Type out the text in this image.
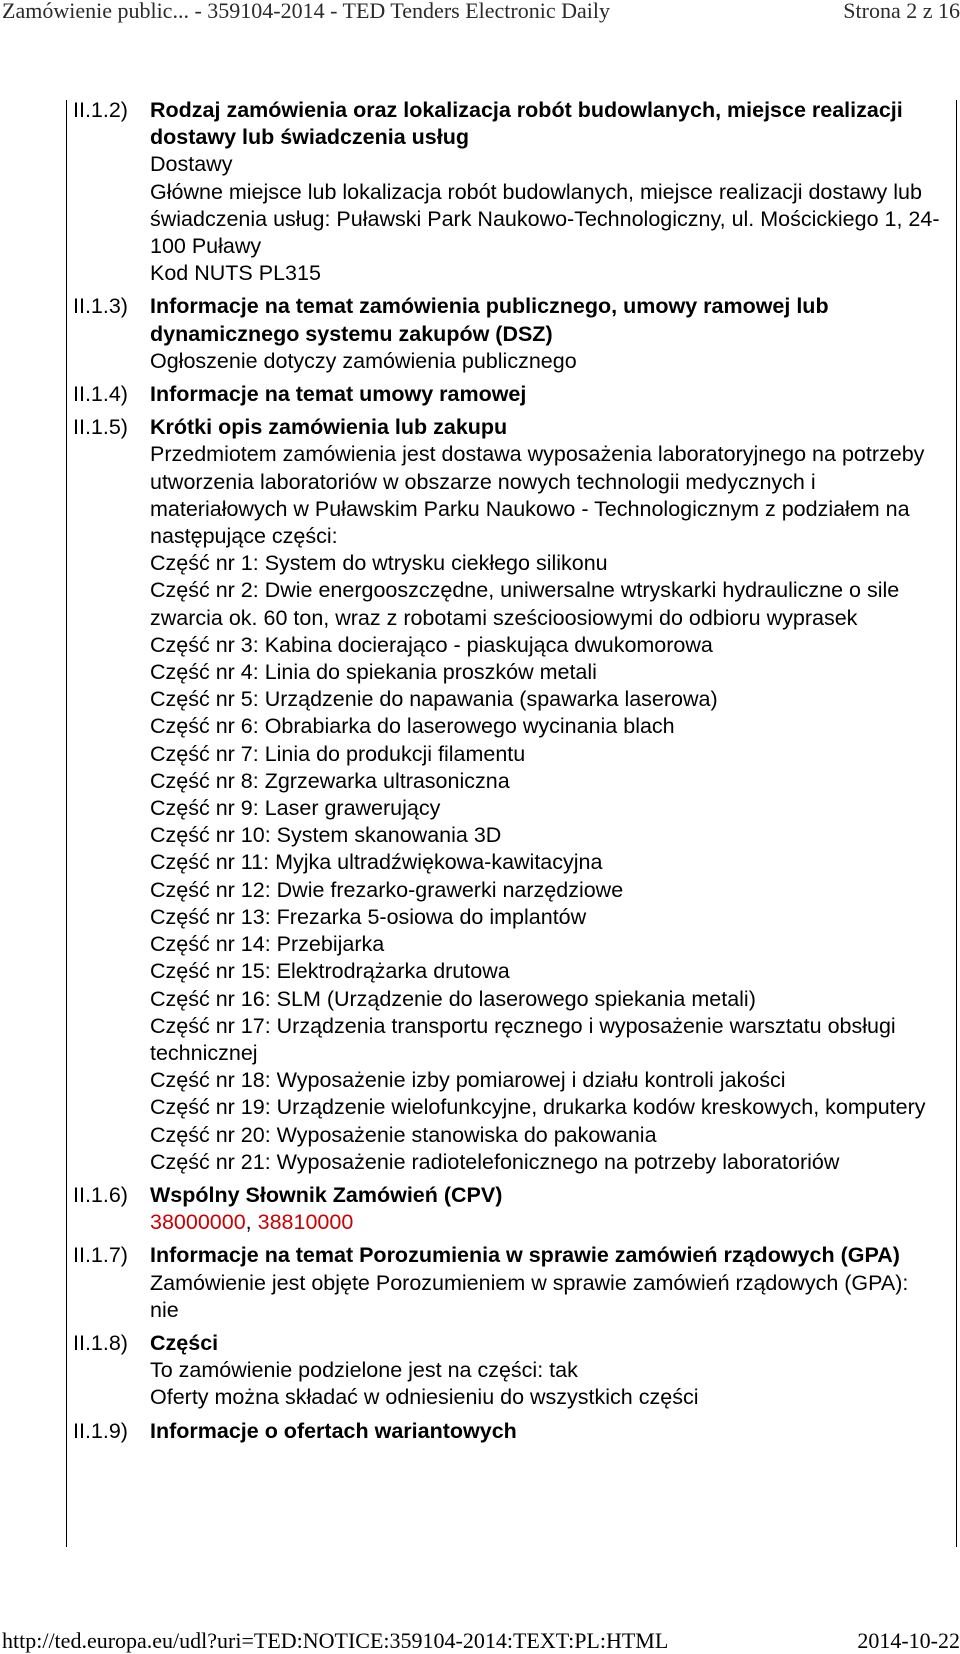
Zamówienie public... - 359104-2014 - TED Tenders Electronic Daily	Strona 2 z 16
II.1.2) Rodzaj zamówienia oraz lokalizacja robót budowlanych, miejsce realizacji dostawy lub świadczenia usług
Dostawy
Główne miejsce lub lokalizacja robót budowlanych, miejsce realizacji dostawy lub świadczenia usług: Puławski Park Naukowo-Technologiczny, ul. Mościckiego 1, 24-100 Puławy
Kod NUTS PL315
II.1.3) Informacje na temat zamówienia publicznego, umowy ramowej lub dynamicznego systemu zakupów (DSZ)
Ogłoszenie dotyczy zamówienia publicznego
II.1.4) Informacje na temat umowy ramowej
II.1.5) Krótki opis zamówienia lub zakupu
Przedmiotem zamówienia jest dostawa wyposażenia laboratoryjnego na potrzeby utworzenia laboratoriów w obszarze nowych technologii medycznych i materiałowych w Puławskim Parku Naukowo - Technologicznym z podziałem na następujące części:
Część nr 1: System do wtrysku ciekłego silikonu
Część nr 2: Dwie energooszczędne, uniwersalne wtryskarki hydrauliczne o sile zwarcia ok. 60 ton, wraz z robotami sześcioosiowymi do odbioru wyprasek
Część nr 3: Kabina docierająco - piaskująca dwukomorowa
Część nr 4: Linia do spiekania proszków metali
Część nr 5: Urządzenie do napawania (spawarka laserowa)
Część nr 6: Obrabiarka do laserowego wycinania blach
Część nr 7: Linia do produkcji filamentu
Część nr 8: Zgrzewarka ultrasoniczna
Część nr 9: Laser grawerujący
Część nr 10: System skanowania 3D
Część nr 11: Myjka ultradźwiękowa-kawitacyjna
Część nr 12: Dwie frezarko-grawerki narzędziowe
Część nr 13: Frezarka 5-osiowa do implantów
Część nr 14: Przebijarka
Część nr 15: Elektrodrążarka drutowa
Część nr 16: SLM (Urządzenie do laserowego spiekania metali)
Część nr 17: Urządzenia transportu ręcznego i wyposażenie warsztatu obsługi technicznej
Część nr 18: Wyposażenie izby pomiarowej i działu kontroli jakości
Część nr 19: Urządzenie wielofunkcyjne, drukarka kodów kreskowych, komputery
Część nr 20: Wyposażenie stanowiska do pakowania
Część nr 21: Wyposażenie radiotelefonicznego na potrzeby laboratoriów
II.1.6) Wspólny Słownik Zamówień (CPV)
38000000, 38810000
II.1.7) Informacje na temat Porozumienia w sprawie zamówień rządowych (GPA)
Zamówienie jest objęte Porozumieniem w sprawie zamówień rządowych (GPA): nie
II.1.8) Części
To zamówienie podzielone jest na części: tak
Oferty można składać w odniesieniu do wszystkich części
II.1.9) Informacje o ofertach wariantowych
http://ted.europa.eu/udl?uri=TED:NOTICE:359104-2014:TEXT:PL:HTML	2014-10-22
